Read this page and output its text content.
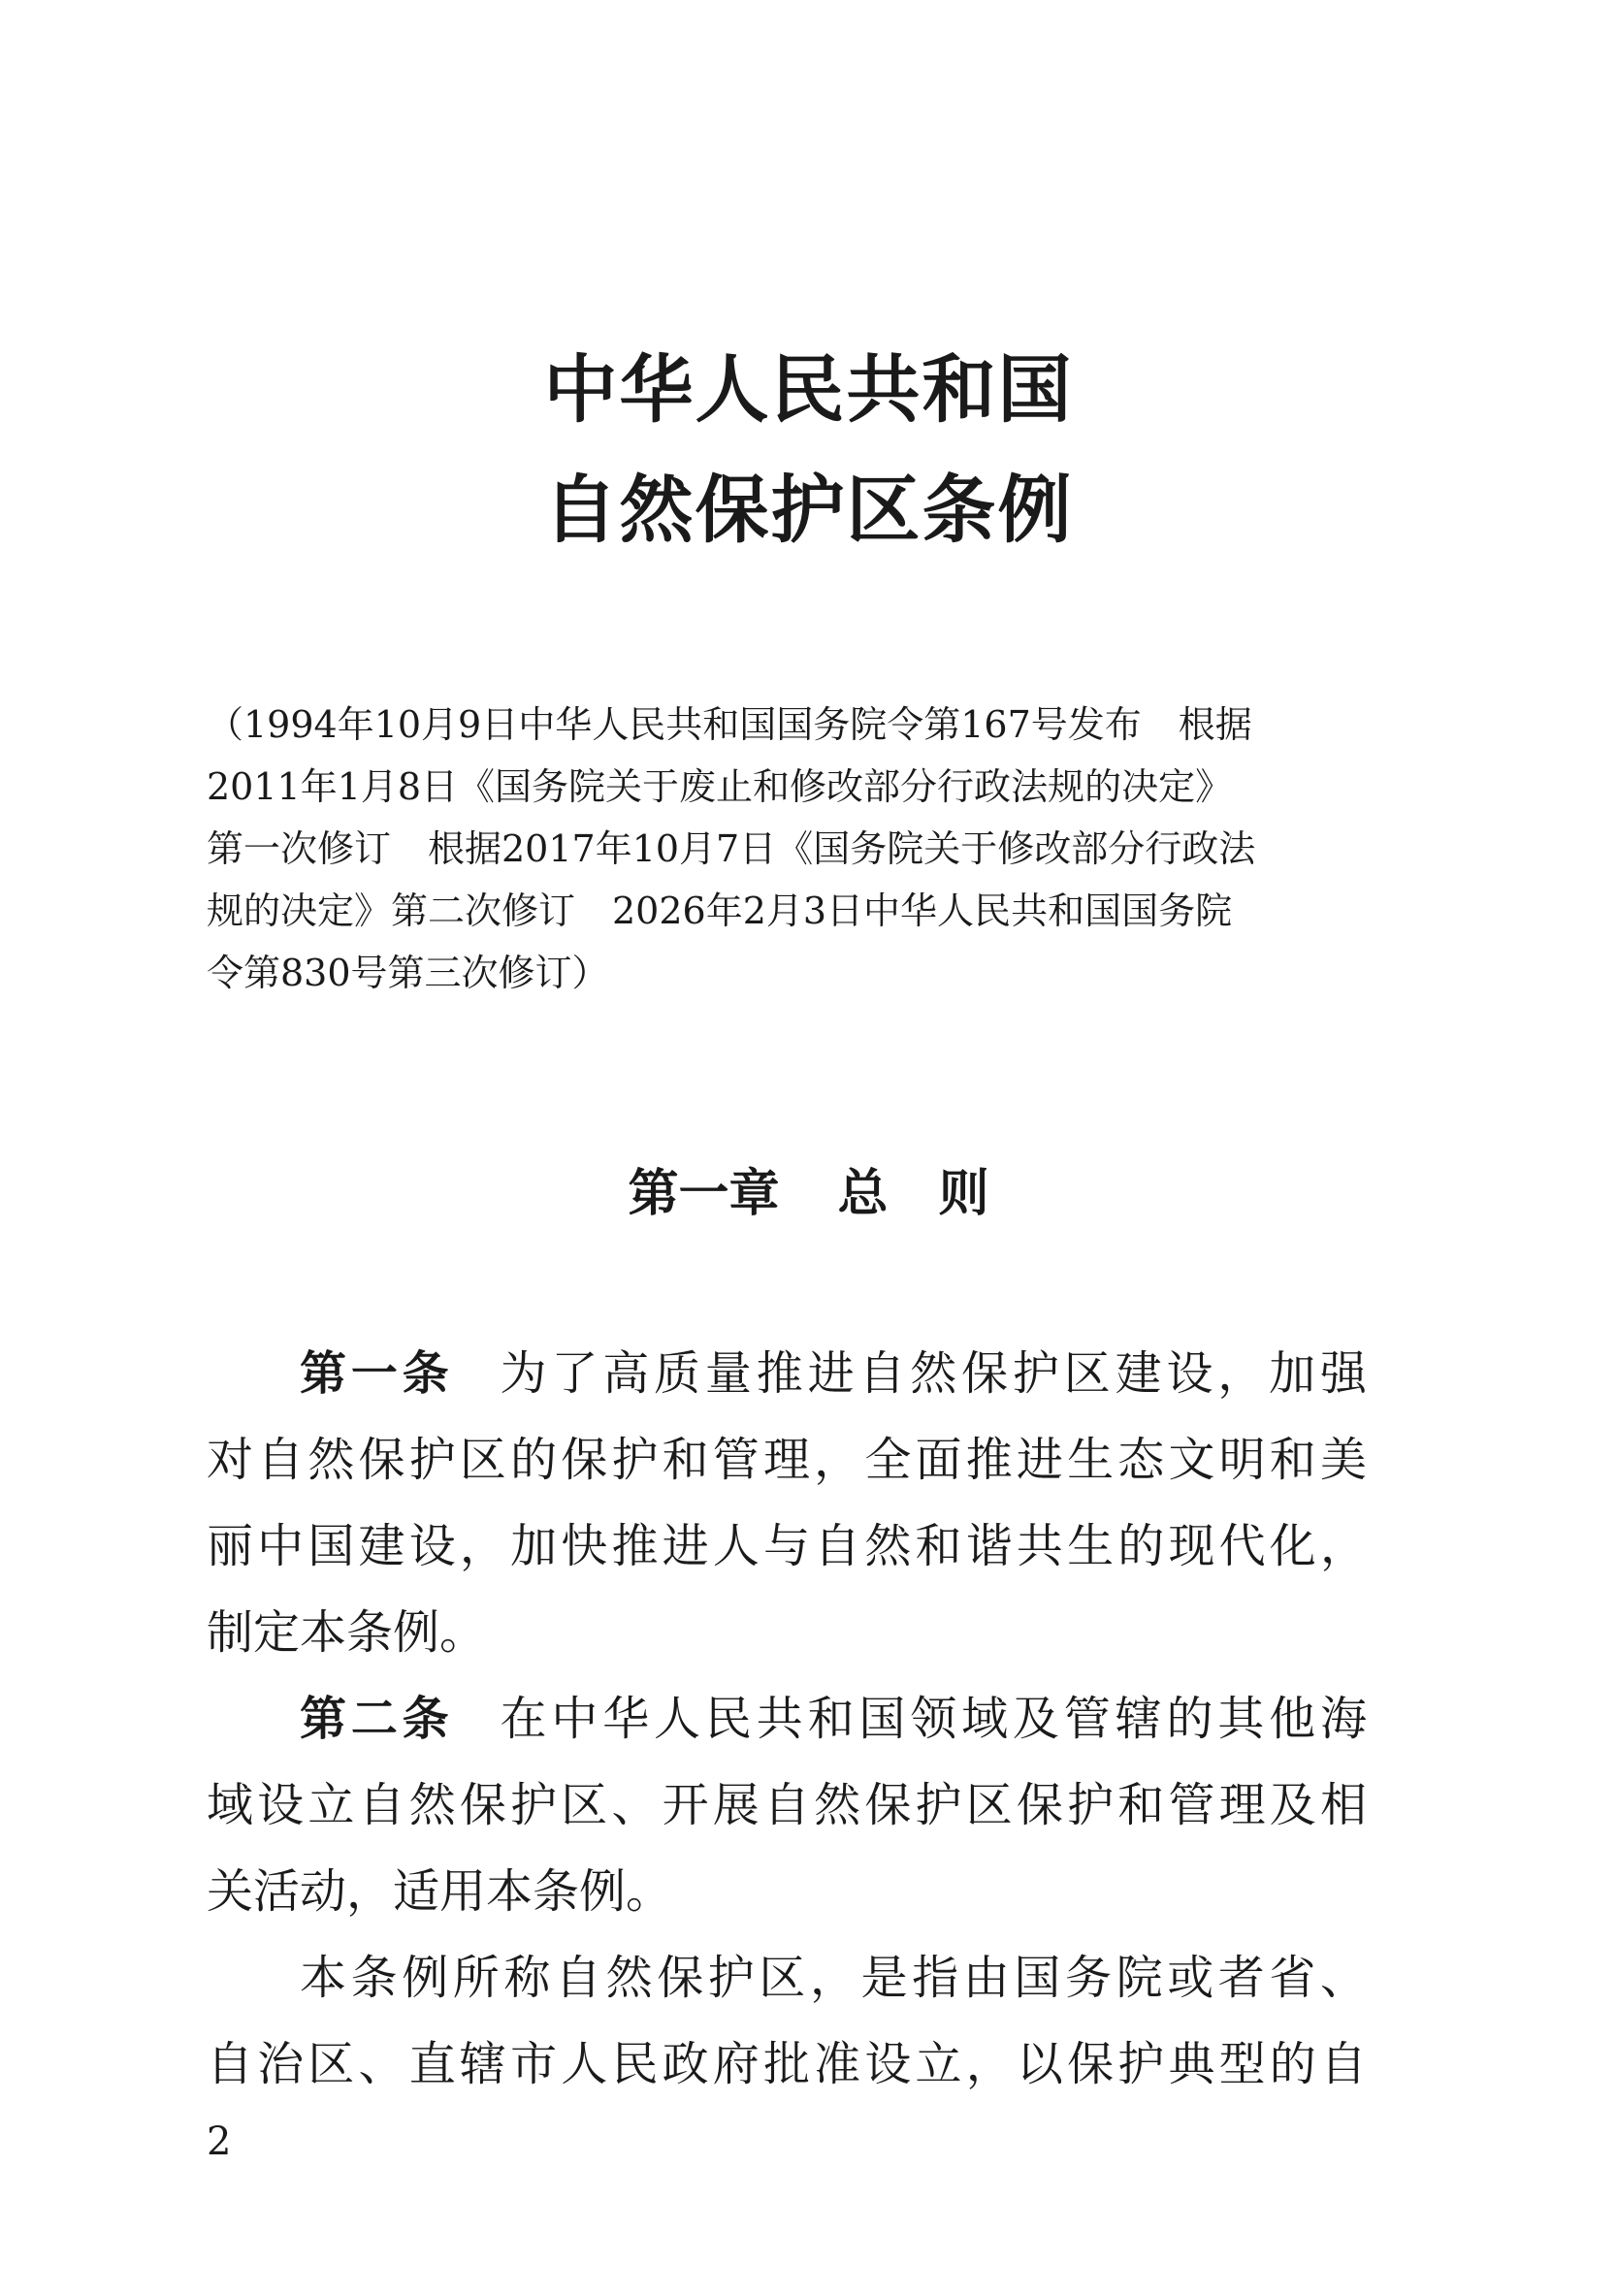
中华人民共和国
自然保护区条例

（1994年10月9日中华人民共和国国务院令第167号发布　根据

2011年1月8日《国务院关于废止和修改部分行政法规的决定》

第一次修订　根据2017年10月7日《国务院关于修改部分行政法

规的决定》第二次修订　2026年2月3日中华人民共和国国务院

令第830号第三次修订）

第一章 总　则
第一条 为了高质量推进自然保护区建设，加强
对自然保护区的保护和管理，全面推进生态文明和美
丽中国建设，加快推进人与自然和谐共生的现代化，
制定本条例。
第二条 在中华人民共和国领域及管辖的其他海
域设立自然保护区、开展自然保护区保护和管理及相
关活动，适用本条例。
本条例所称自然保护区，是指由国务院或者省、
自治区、直辖市人民政府批准设立，以保护典型的自
2
